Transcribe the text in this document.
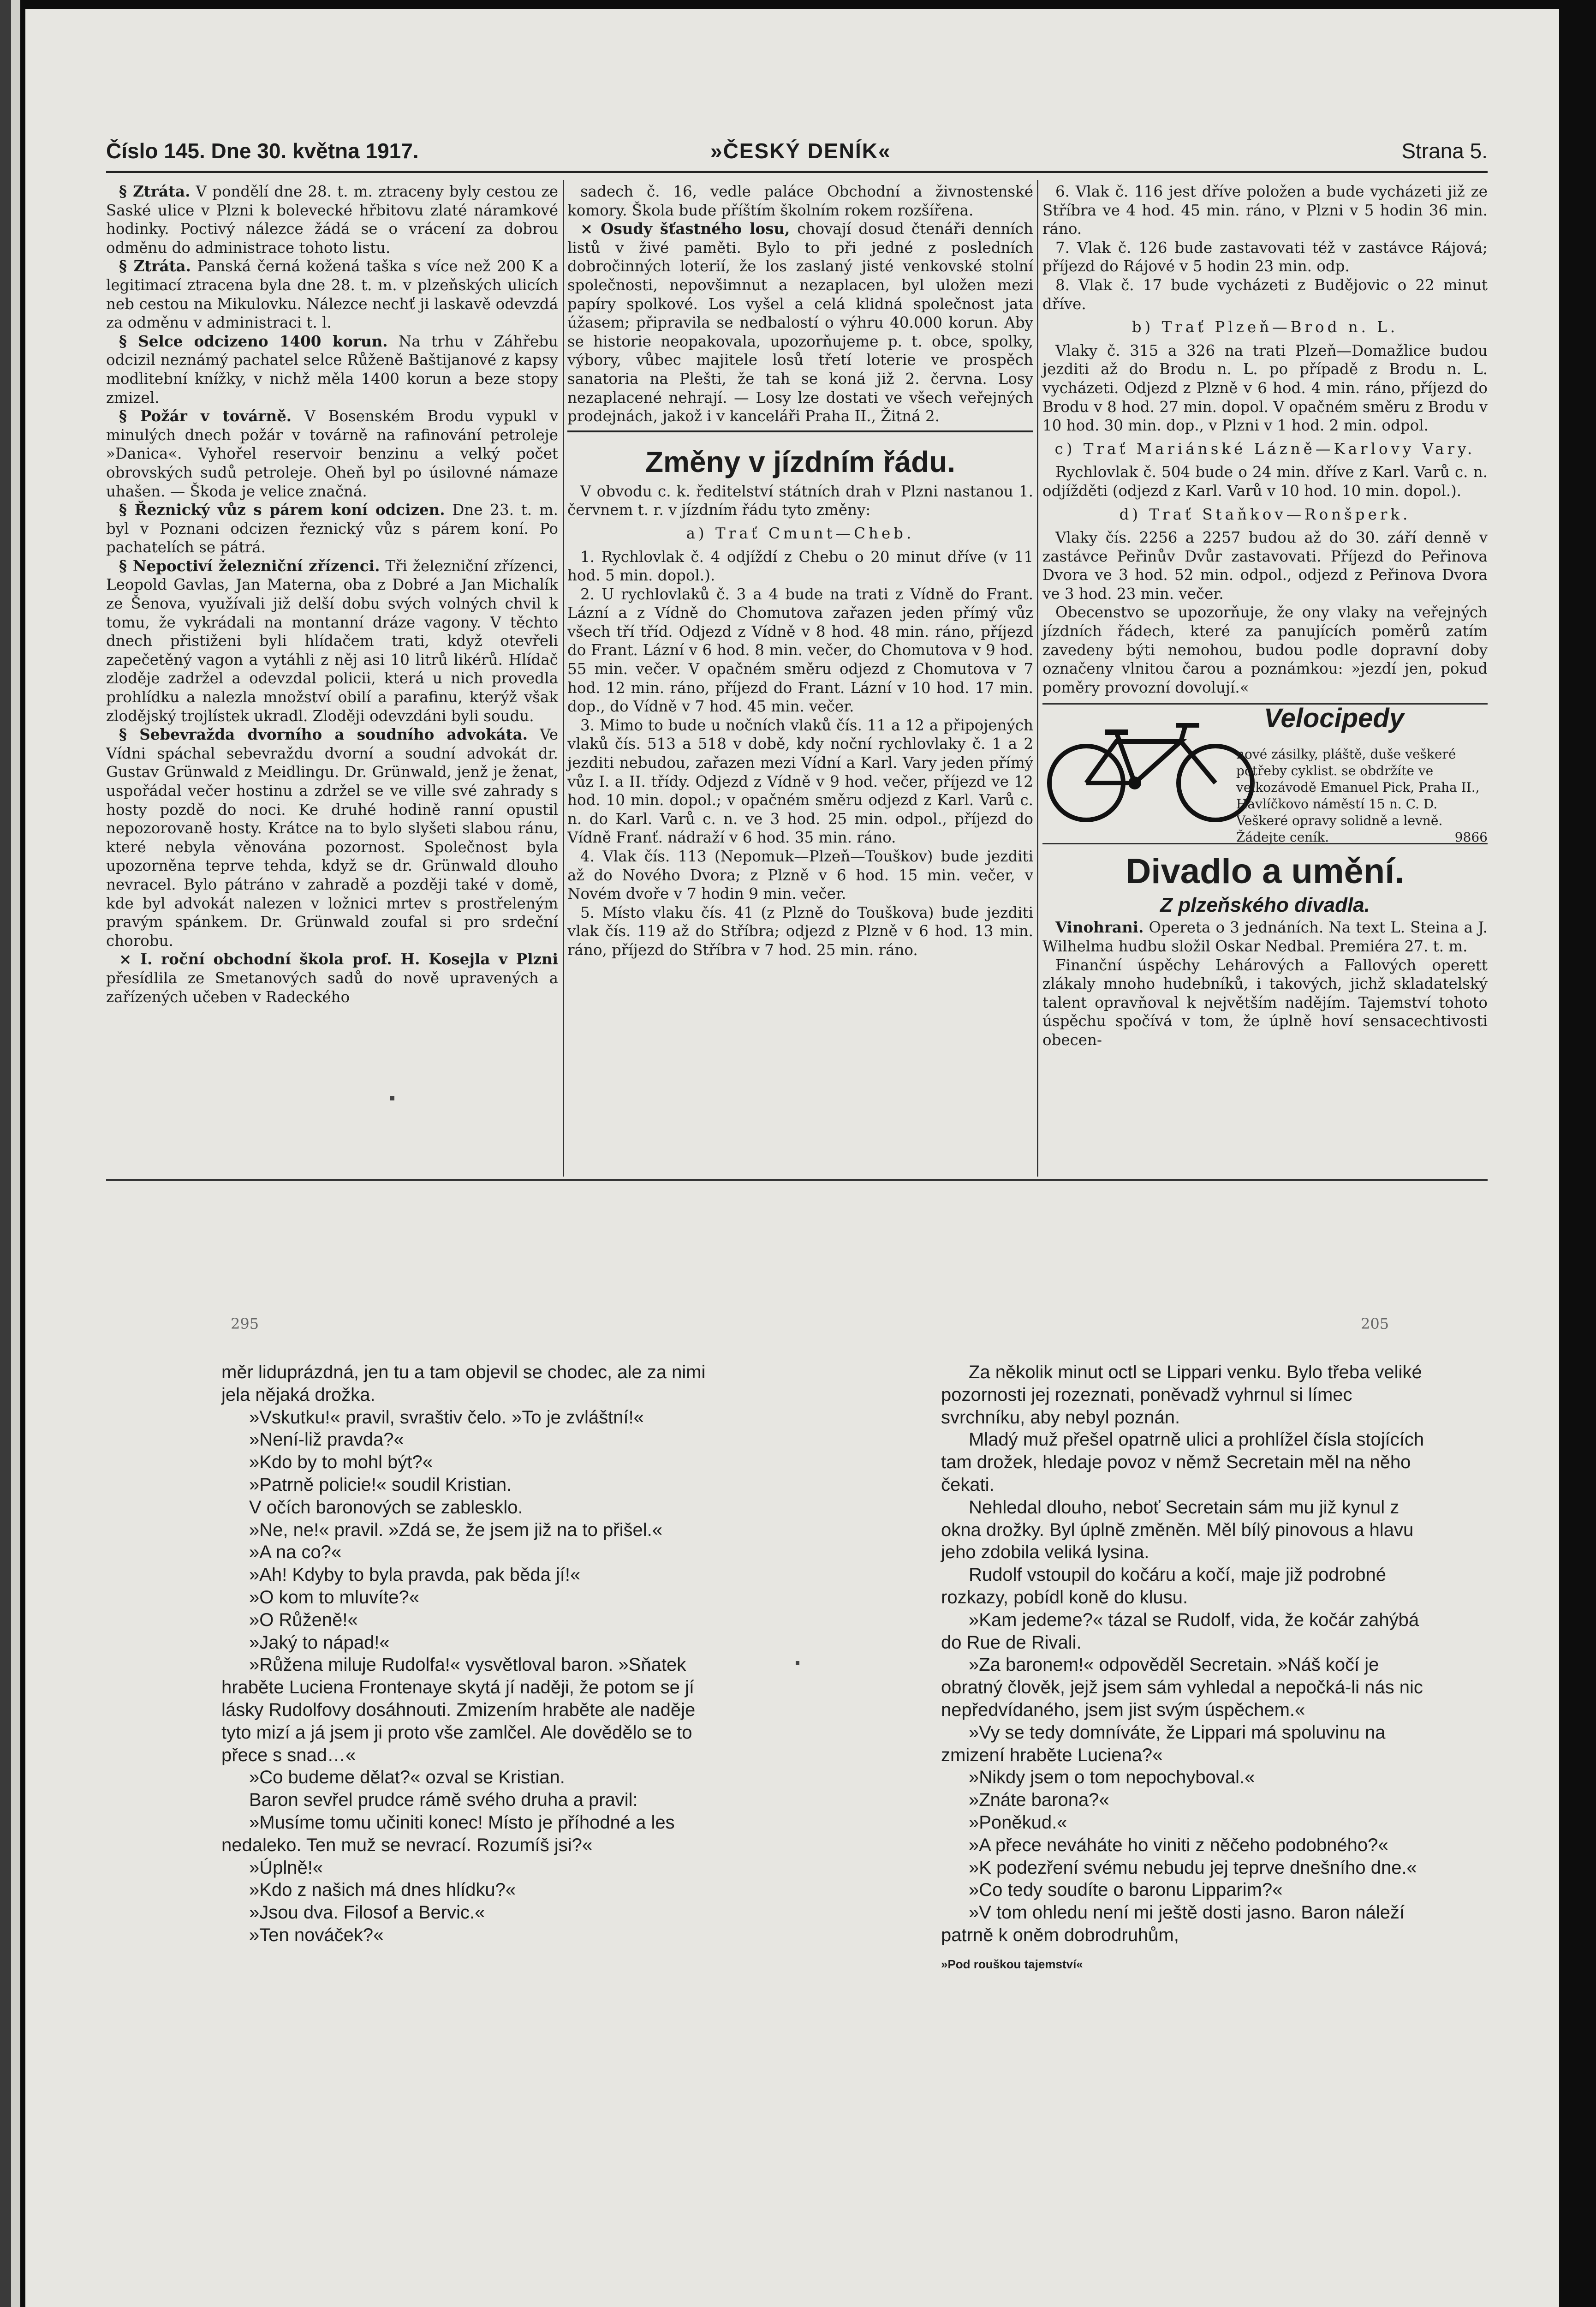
Číslo 145. Dne 30. května 1917.	»ČESKÝ DENÍK«	Strana 5.

§ Ztráta. V pondělí dne 28. t. m. ztraceny byly cestou ze Saské ulice v Plzni k bolevecké hřbitovu zlaté náramkové hodinky. Poctivý nálezce žádá se o vrácení za dobrou odměnu do administrace tohoto listu.

§ Ztráta. Panská černá kožená taška s více než 200 K a legitimací ztracena byla dne 28. t. m. v plzeňských ulicích neb cestou na Mikulovku. Nálezce nechť ji laskavě odevzdá za odměnu v administraci t. l.

§ Selce odcizeno 1400 korun. Na trhu v Záhřebu odcizil neznámý pachatel selce Růženě Baštijanové z kapsy modlitební knížky, v nichž měla 1400 korun a beze stopy zmizel.

§ Požár v továrně. V Bosenském Brodu vypukl v minulých dnech požár v továrně na rafinování petroleje »Danica«. Vyhořel reservoir benzinu a velký počet obrovských sudů petroleje. Oheň byl po úsilovné námaze uhašen. — Škoda je velice značná.

§ Řeznický vůz s párem koní odcizen. Dne 23. t. m. byl v Poznani odcizen řeznický vůz s párem koní. Po pachatelích se pátrá.

§ Nepoctiví železniční zřízenci. Tři železniční zřízenci, Leopold Gavlas, Jan Materna, oba z Dobré a Jan Michalík ze Šenova, využívali již delší dobu svých volných chvil k tomu, že vykrádali na montanní dráze vagony. V těchto dnech přistiženi byli hlídačem trati, když otevřeli zapečetěný vagon a vytáhli z něj asi 10 litrů likérů. Hlídač zloděje zadržel a odevzdal policii, která u nich provedla prohlídku a nalezla množství obilí a parafinu, kterýž však zlodějský trojlístek ukradl. Zloději odevzdáni byli soudu.

§ Sebevražda dvorního a soudního advokáta. Ve Vídni spáchal sebevraždu dvorní a soudní advokát dr. Gustav Grünwald z Meidlingu. Dr. Grünwald, jenž je ženat, uspořádal večer hostinu a zdržel se ve ville své zahrady s hosty pozdě do noci. Ke druhé hodině ranní opustil nepozorovaně hosty. Krátce na to bylo slyšeti slabou ránu, které nebyla věnována pozornost. Společnost byla upozorněna teprve tehda, když se dr. Grünwald dlouho nevracel. Bylo pátráno v zahradě a později také v domě, kde byl advokát nalezen v ložnici mrtev s prostřeleným pravým spánkem. Dr. Grünwald zoufal si pro srdeční chorobu.

× I. roční obchodní škola prof. H. Kosejla v Plzni přesídlila ze Smetanových sadů do nově upravených a zařízených učeben v Radeckého

sadech č. 16, vedle paláce Obchodní a živnostenské komory. Škola bude příštím školním rokem rozšířena.

× Osudy šťastného losu, chovají dosud čtenáři denních listů v živé paměti. Bylo to při jedné z posledních dobročinných loterií, že los zaslaný jisté venkovské stolní společnosti, nepovšimnut a nezaplacen, byl uložen mezi papíry spolkové. Los vyšel a celá klidná společnost jata úžasem; připravila se nedbalostí o výhru 40.000 korun. Aby se historie neopakovala, upozorňujeme p. t. obce, spolky, výbory, vůbec majitele losů třetí loterie ve prospěch sanatoria na Plešti, že tah se koná již 2. června. Losy nezaplacené nehrají. — Losy lze dostati ve všech veřejných prodejnách, jakož i v kanceláři Praha II., Žitná 2.

Změny v jízdním řádu.

V obvodu c. k. ředitelství státních drah v Plzni nastanou 1. červnem t. r. v jízdním řádu tyto změny:

a) Trať Cmunt—Cheb.

1. Rychlovlak č. 4 odjíždí z Chebu o 20 minut dříve (v 11 hod. 5 min. dopol.).

2. U rychlovlaků č. 3 a 4 bude na trati z Vídně do Frant. Lázní a z Vídně do Chomutova zařazen jeden přímý vůz všech tří tříd. Odjezd z Vídně v 8 hod. 48 min. ráno, příjezd do Frant. Lázní v 6 hod. 8 min. večer, do Chomutova v 9 hod. 55 min. večer. V opačném směru odjezd z Chomutova v 7 hod. 12 min. ráno, příjezd do Frant. Lázní v 10 hod. 17 min. dop., do Vídně v 7 hod. 45 min. večer.

3. Mimo to bude u nočních vlaků čís. 11 a 12 a připojených vlaků čís. 513 a 518 v době, kdy noční rychlovlaky č. 1 a 2 jezditi nebudou, zařazen mezi Vídní a Karl. Vary jeden přímý vůz I. a II. třídy. Odjezd z Vídně v 9 hod. večer, příjezd ve 12 hod. 10 min. dopol.; v opačném směru odjezd z Karl. Varů c. n. do Karl. Varů c. n. ve 3 hod. 25 min. odpol., příjezd do Vídně Franť. nádraží v 6 hod. 35 min. ráno.

4. Vlak čís. 113 (Nepomuk—Plzeň—Touškov) bude jezditi až do Nového Dvora; z Plzně v 6 hod. 15 min. večer, v Novém dvoře v 7 hodin 9 min. večer.

5. Místo vlaku čís. 41 (z Plzně do Touškova) bude jezditi vlak čís. 119 až do Stříbra; odjezd z Plzně v 6 hod. 13 min. ráno, příjezd do Stříbra v 7 hod. 25 min. ráno.

6. Vlak č. 116 jest dříve položen a bude vycházeti již ze Stříbra ve 4 hod. 45 min. ráno, v Plzni v 5 hodin 36 min. ráno.

7. Vlak č. 126 bude zastavovati též v zastávce Rájová; příjezd do Rájové v 5 hodin 23 min. odp.

8. Vlak č. 17 bude vycházeti z Budějovic o 22 minut dříve.

b) Trať Plzeň—Brod n. L.

Vlaky č. 315 a 326 na trati Plzeň—Domažlice budou jezditi až do Brodu n. L. po případě z Brodu n. L. vycházeti. Odjezd z Plzně v 6 hod. 4 min. ráno, příjezd do Brodu v 8 hod. 27 min. dopol. V opačném směru z Brodu v 10 hod. 30 min. dop., v Plzni v 1 hod. 2 min. odpol.

c) Trať Mariánské Lázně—Karlovy Vary.

Rychlovlak č. 504 bude o 24 min. dříve z Karl. Varů c. n. odjížděti (odjezd z Karl. Varů v 10 hod. 10 min. dopol.).

d) Trať Staňkov—Ronšperk.

Vlaky čís. 2256 a 2257 budou až do 30. září denně v zastávce Peřinův Dvůr zastavovati. Příjezd do Peřinova Dvora ve 3 hod. 52 min. odpol., odjezd z Peřinova Dvora ve 3 hod. 23 min. večer.

Obecenstvo se upozorňuje, že ony vlaky na veřejných jízdních řádech, které za panujících poměrů zatím zavedeny býti nemohou, budou podle dopravní doby označeny vlnitou čarou a poznámkou: »jezdí jen, pokud poměry provozní dovolují.«

Velocipedy
nové zásilky, pláště, duše veškeré potřeby cyklist. se obdržíte ve velkozávodě Emanuel Pick, Praha II., Havlíčkovo náměstí 15 n. C. D. Veškeré opravy solidně a levně. Žádejte ceník.	9866
Divadlo a umění.
Z plzeňského divadla.

Vinohrani. Opereta o 3 jednáních. Na text L. Steina a J. Wilhelma hudbu složil Oskar Nedbal. Premiéra 27. t. m.

Finanční úspěchy Lehárových a Fallových operett zlákaly mnoho hudebníků, i takových, jichž skladatelský talent opravňoval k největším nadějím. Tajemství tohoto úspěchu spočívá v tom, že úplně hoví sensacechtivosti obecen-

295	205

měr liduprázdná, jen tu a tam objevil se chodec, ale za nimi jela nějaká drožka.

»Vskutku!« pravil, svraštiv čelo. »To je zvláštní!«

»Není-liž pravda?«

»Kdo by to mohl být?«

»Patrně policie!« soudil Kristian.

V očích baronových se zablesklo.

»Ne, ne!« pravil. »Zdá se, že jsem již na to přišel.«

»A na co?«

»Ah! Kdyby to byla pravda, pak běda jí!«

»O kom to mluvíte?«

»O Růženě!«

»Jaký to nápad!«

»Růžena miluje Rudolfa!« vysvětloval baron. »Sňatek hraběte Luciena Frontenaye skytá jí naději, že potom se jí lásky Rudolfovy dosáhnouti. Zmizením hraběte ale naděje tyto mizí a já jsem ji proto vše zamlčel. Ale dovědělo se to přece s snad…«

»Co budeme dělat?« ozval se Kristian.

Baron sevřel prudce rámě svého druha a pravil:

»Musíme tomu učiniti konec! Místo je příhodné a les nedaleko. Ten muž se nevrací. Rozumíš jsi?«

»Úplně!«

»Kdo z našich má dnes hlídku?«

»Jsou dva. Filosof a Bervic.«

»Ten nováček?«

Za několik minut octl se Lippari venku. Bylo třeba veliké pozornosti jej rozeznati, poněvadž vyhrnul si límec svrchníku, aby nebyl poznán.

Mladý muž přešel opatrně ulici a prohlížel čísla stojících tam drožek, hledaje povoz v němž Secretain měl na něho čekati.

Nehledal dlouho, neboť Secretain sám mu již kynul z okna drožky. Byl úplně změněn. Měl bílý pinovous a hlavu jeho zdobila veliká lysina.

Rudolf vstoupil do kočáru a kočí, maje již podrobné rozkazy, pobídl koně do klusu.

»Kam jedeme?« tázal se Rudolf, vida, že kočár zahýbá do Rue de Rivali.

»Za baronem!« odpověděl Secretain. »Náš kočí je obratný člověk, jejž jsem sám vyhledal a nepočká-li nás nic nepředvídaného, jsem jist svým úspěchem.«

»Vy se tedy domníváte, že Lippari má spoluvinu na zmizení hraběte Luciena?«

»Nikdy jsem o tom nepochyboval.«

»Znáte barona?«

»Poněkud.«

»A přece neváháte ho viniti z něčeho podobného?«

»K podezření svému nebudu jej teprve dnešního dne.«

»Co tedy soudíte o baronu Lipparim?«

»V tom ohledu není mi ještě dosti jasno. Baron náleží patrně k oněm dobrodruhům,

»Pod rouškou tajemství«
